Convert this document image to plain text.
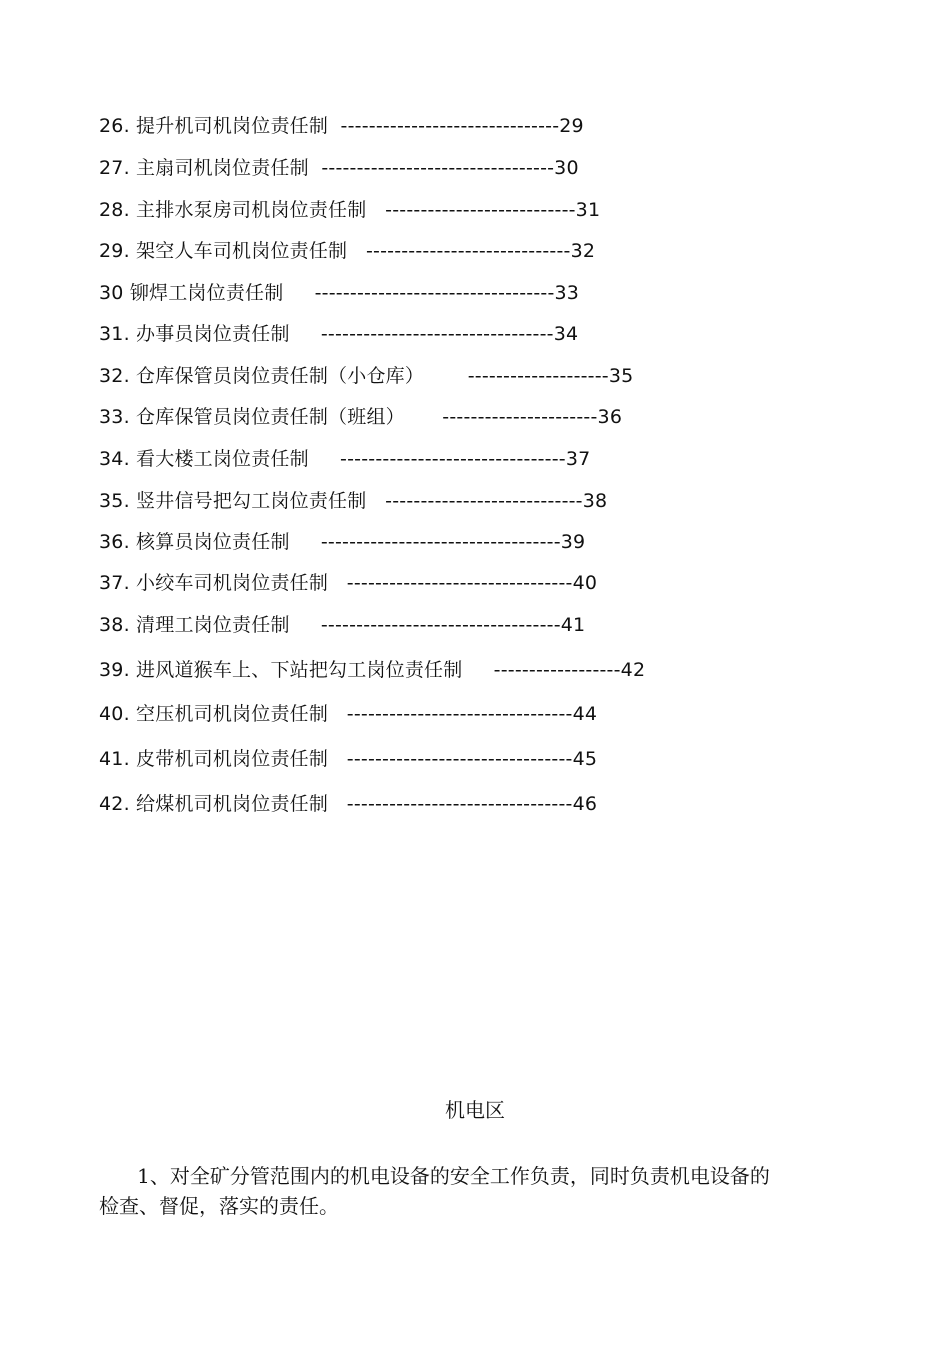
26. 提升机司机岗位责任制  -------------------------------29
27. 主扇司机岗位责任制  ---------------------------------30
28. 主排水泵房司机岗位责任制   ---------------------------31
29. 架空人车司机岗位责任制   -----------------------------32
30 铆焊工岗位责任制     ----------------------------------33
31. 办事员岗位责任制     ---------------------------------34
32. 仓库保管员岗位责任制（小仓库）       --------------------35
33. 仓库保管员岗位责任制（班组）      ----------------------36
34. 看大楼工岗位责任制     --------------------------------37
35. 竖井信号把勾工岗位责任制   ----------------------------38
36. 核算员岗位责任制     ----------------------------------39
37. 小绞车司机岗位责任制   --------------------------------40
38. 清理工岗位责任制     ----------------------------------41
39. 进风道猴车上、下站把勾工岗位责任制     ------------------42
40. 空压机司机岗位责任制   --------------------------------44
41. 皮带机司机岗位责任制   --------------------------------45
42. 给煤机司机岗位责任制   --------------------------------46
机电区
1、对全矿分管范围内的机电设备的安全工作负责，同时负责机电设备的
检查、督促，落实的责任。
